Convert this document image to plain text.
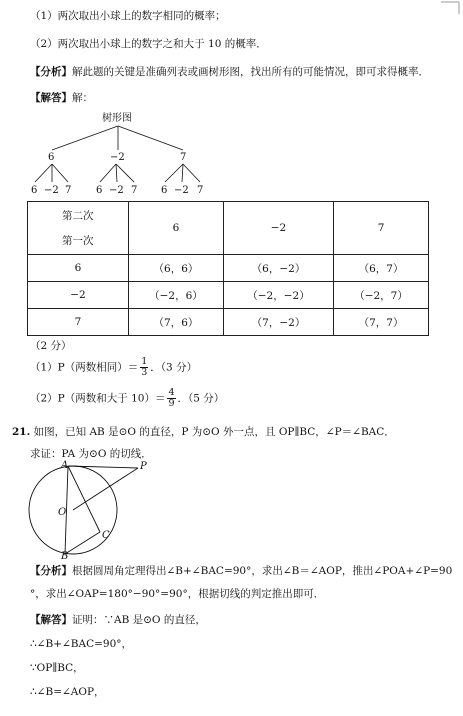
（1）两次取出小球上的数字相同的概率；
（2）两次取出小球上的数字之和大于 10 的概率．
【分析】解此题的关键是准确列表或画树形图，找出所有的可能情况，即可求得概率．
【解答】解：
树形图
6	−2	7
6 −2 7 6 −2 7 6 −2 7
第二次
第一次	6	−2	7
6	（6，6）	（6，−2）	（6，7）
−2	（−2，6）	（−2，−2）	（−2，7）
7	（7，6）	（7，−2）	（7，7）
（2 分）
（1）P（两数相同）＝ $\frac{1}{3}$ ．（3 分）
（2）P（两数和大于 $10)= \frac{4}{9}$ ．（5 分）
21. 如图，已知 AB 是⊙O 的直径，P 为⊙O 外一点，且 OP∥BC，∠P＝∠BAC．
求证：PA 为⊙O 的切线．
A	P
O
C
B
【分析】根据圆周角定理得出∠B+∠BAC=90°，求出∠B＝∠AOP，推出∠POA+∠P=90
°，求出∠OAP=180°−90°=90°，根据切线的判定推出即可．
【解答】证明：∵AB 是⊙O 的直径，
∴∠B+∠BAC=90°，
∵OP∥BC，
∴∠B=∠AOP，
